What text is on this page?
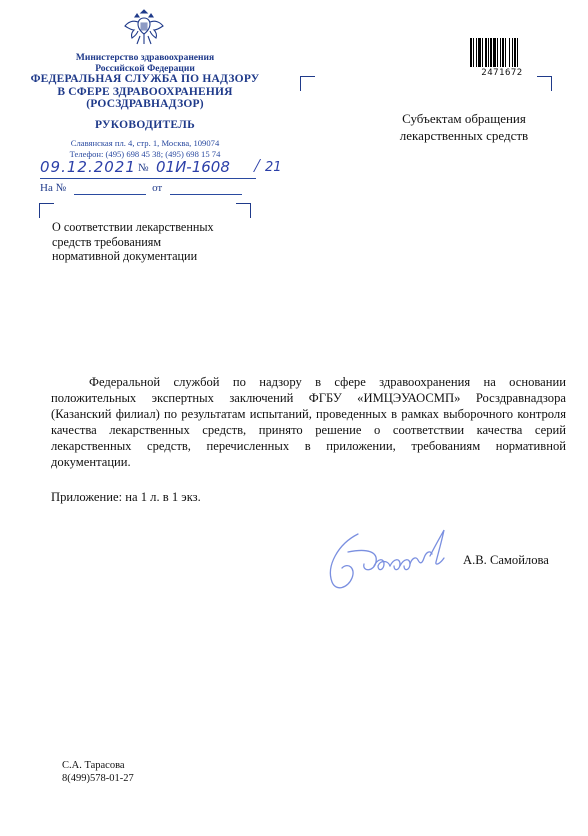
Министерство здравоохранения
Российской Федерации
ФЕДЕРАЛЬНАЯ СЛУЖБА ПО НАДЗОРУ
В СФЕРЕ ЗДРАВООХРАНЕНИЯ
(РОСЗДРАВНАДЗОР)
РУКОВОДИТЕЛЬ
Славянская пл. 4, стр. 1, Москва, 109074
Телефон: (495) 698 45 38; (495) 698 15 74
09.12.2021 № 01И-1608 / 21
На №	от
О соответствии лекарственных
средств требованиям
нормативной документации
2471672
Субъектам обращения
лекарственных средств

Федеральной службой по надзору в сфере здравоохранения на основании положительных экспертных заключений ФГБУ «ИМЦЭУАОСМП» Росздравнадзора (Казанский филиал) по результатам испытаний, проведенных в рамках выборочного контроля качества лекарственных средств, принято решение о соответствии качества серий лекарственных средств, перечисленных в приложении, требованиям нормативной документации.

Приложение: на 1 л. в 1 экз.
А.В. Самойлова
С.А. Тарасова
8(499)578-01-27
